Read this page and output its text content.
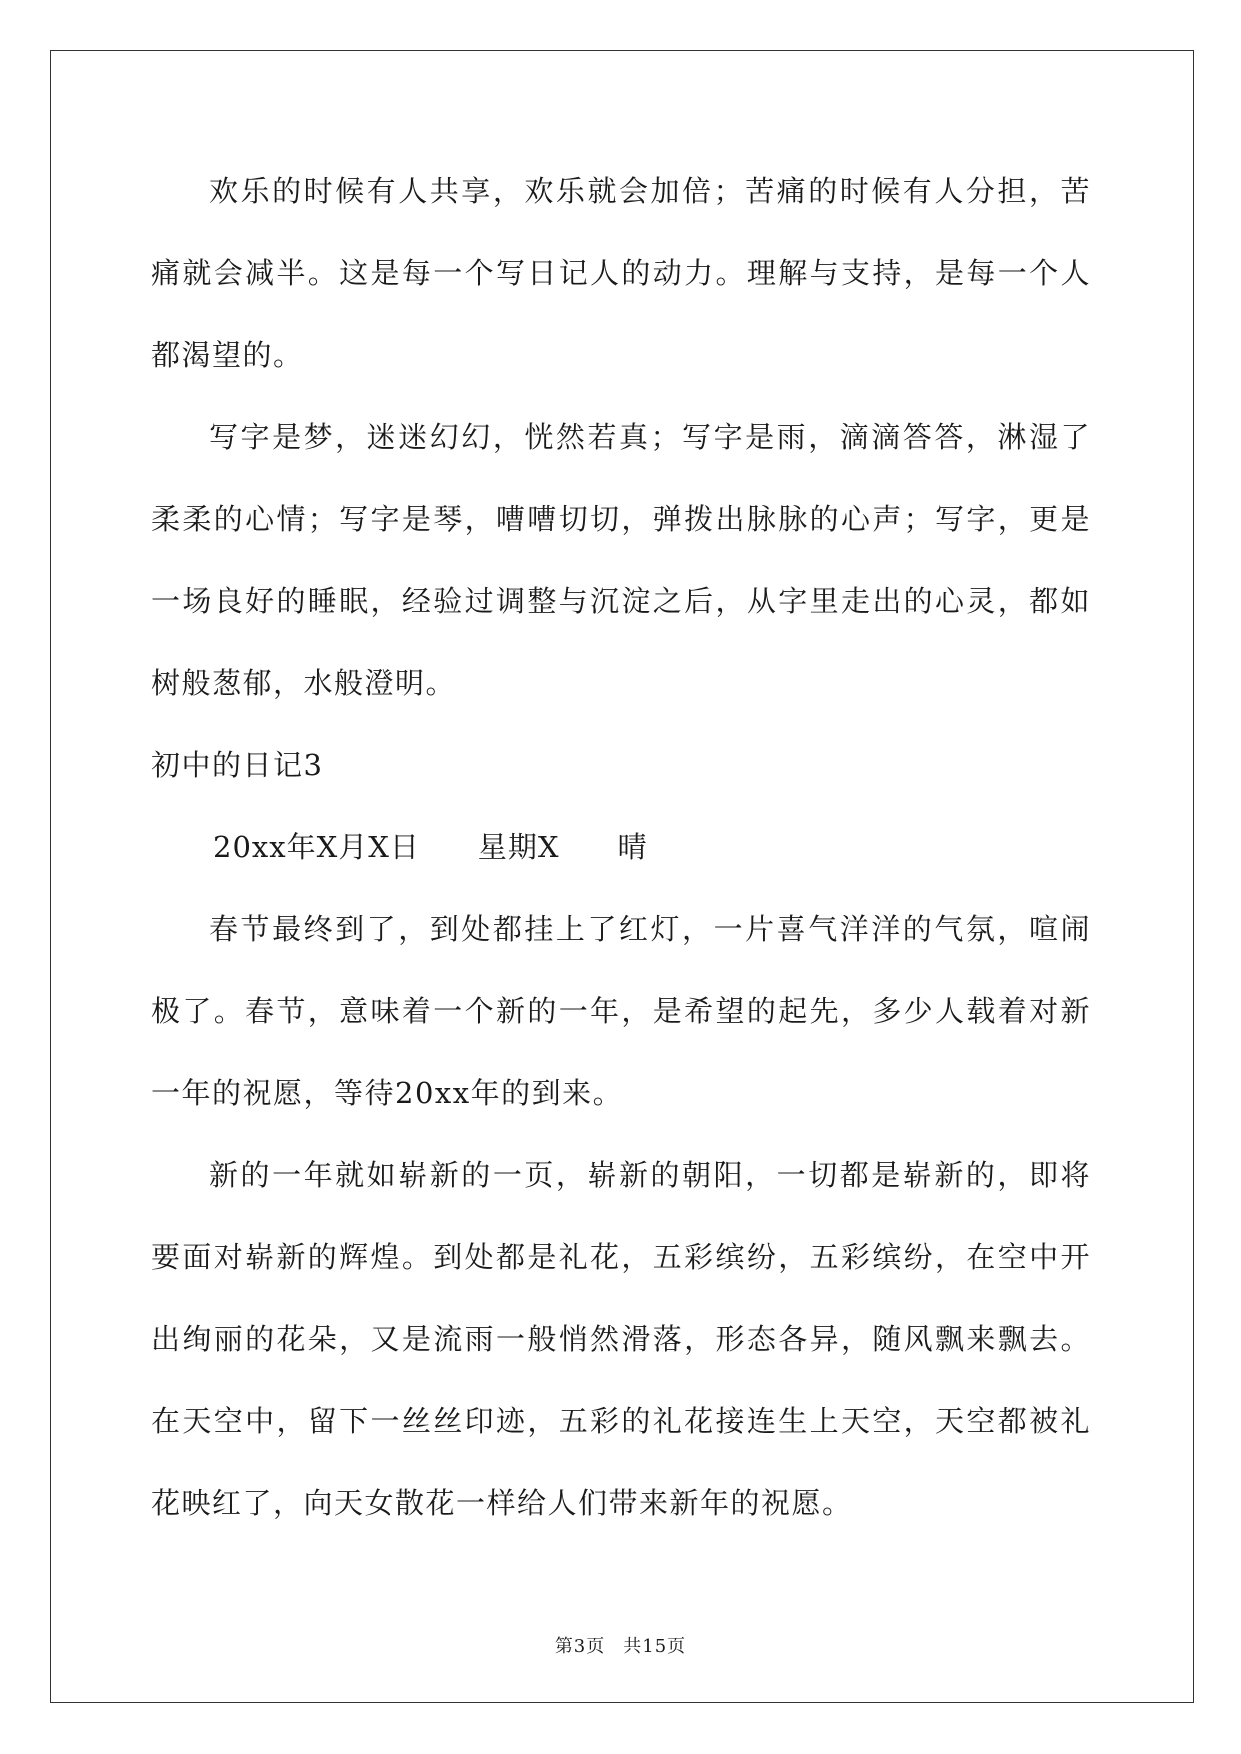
欢乐的时候有人共享，欢乐就会加倍；苦痛的时候有人分担，苦痛就会减半。这是每一个写日记人的动力。理解与支持，是每一个人都渴望的。

写字是梦，迷迷幻幻，恍然若真；写字是雨，滴滴答答，淋湿了柔柔的心情；写字是琴，嘈嘈切切，弹拨出脉脉的心声；写字，更是一场良好的睡眠，经验过调整与沉淀之后，从字里走出的心灵，都如树般葱郁，水般澄明。

初中的日记3

20xx年X月X日 星期X 晴

春节最终到了，到处都挂上了红灯，一片喜气洋洋的气氛，喧闹极了。春节，意味着一个新的一年，是希望的起先，多少人载着对新一年的祝愿，等待20xx年的到来。

新的一年就如崭新的一页，崭新的朝阳，一切都是崭新的，即将要面对崭新的辉煌。到处都是礼花，五彩缤纷，五彩缤纷，在空中开出绚丽的花朵，又是流雨一般悄然滑落，形态各异，随风飘来飘去。在天空中，留下一丝丝印迹，五彩的礼花接连生上天空，天空都被礼花映红了，向天女散花一样给人们带来新年的祝愿。

第3页 共15页
